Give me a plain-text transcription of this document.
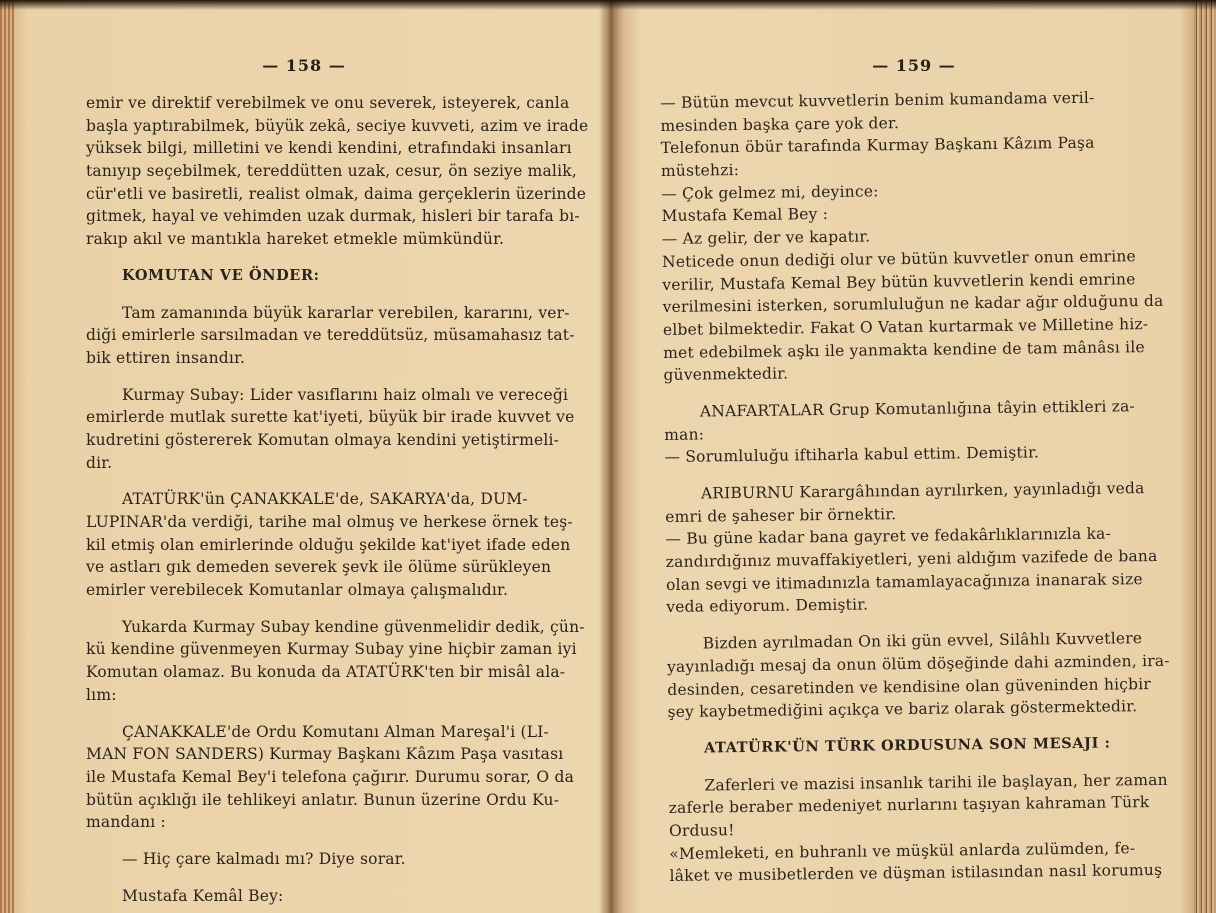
— 158 —
emir ve direktif verebilmek ve onu severek, isteyerek, canla
başla yaptırabilmek, büyük zekâ, seciye kuvveti, azim ve irade
yüksek bilgi, milletini ve kendi kendini, etrafındaki insanları
tanıyıp seçebilmek, tereddütten uzak, cesur, ön seziye malik,
cür'etli ve basiretli, realist olmak, daima gerçeklerin üzerinde
gitmek, hayal ve vehimden uzak durmak, hisleri bir tarafa bı-
rakıp akıl ve mantıkla hareket etmekle mümkündür.
KOMUTAN VE ÖNDER:
Tam zamanında büyük kararlar verebilen, kararını, ver-
diği emirlerle sarsılmadan ve tereddütsüz, müsamahasız tat-
bik ettiren insandır.
Kurmay Subay: Lider vasıflarını haiz olmalı ve vereceği
emirlerde mutlak surette kat'iyeti, büyük bir irade kuvvet ve
kudretini göstererek Komutan olmaya kendini yetiştirmeli-
dir.
ATATÜRK'ün ÇANAKKALE'de, SAKARYA'da, DUM-
LUPINAR'da verdiği, tarihe mal olmuş ve herkese örnek teş-
kil etmiş olan emirlerinde olduğu şekilde kat'iyet ifade eden
ve astları gık demeden severek şevk ile ölüme sürükleyen
emirler verebilecek Komutanlar olmaya çalışmalıdır.
Yukarda Kurmay Subay kendine güvenmelidir dedik, çün-
kü kendine güvenmeyen Kurmay Subay yine hiçbir zaman iyi
Komutan olamaz. Bu konuda da ATATÜRK'ten bir misâl ala-
lım:
ÇANAKKALE'de Ordu Komutanı Alman Mareşal'i (LI-
MAN FON SANDERS) Kurmay Başkanı Kâzım Paşa vasıtası
ile Mustafa Kemal Bey'i telefona çağırır. Durumu sorar, O da
bütün açıklığı ile tehlikeyi anlatır. Bunun üzerine Ordu Ku-
mandanı :
— Hiç çare kalmadı mı? Diye sorar.
Mustafa Kemâl Bey:
— 159 —
— Bütün mevcut kuvvetlerin benim kumandama veril-
mesinden başka çare yok der.
Telefonun öbür tarafında Kurmay Başkanı Kâzım Paşa
müstehzi:
— Çok gelmez mi, deyince:
Mustafa Kemal Bey :
— Az gelir, der ve kapatır.
Neticede onun dediği olur ve bütün kuvvetler onun emrine
verilir, Mustafa Kemal Bey bütün kuvvetlerin kendi emrine
verilmesini isterken, sorumluluğun ne kadar ağır olduğunu da
elbet bilmektedir. Fakat O Vatan kurtarmak ve Milletine hiz-
met edebilmek aşkı ile yanmakta kendine de tam mânâsı ile
güvenmektedir.
ANAFARTALAR Grup Komutanlığına tâyin ettikleri za-
man:
— Sorumluluğu iftiharla kabul ettim. Demiştir.
ARIBURNU Karargâhından ayrılırken, yayınladığı veda
emri de şaheser bir örnektir.
— Bu güne kadar bana gayret ve fedakârlıklarınızla ka-
zandırdığınız muvaffakiyetleri, yeni aldığım vazifede de bana
olan sevgi ve itimadınızla tamamlayacağınıza inanarak size
veda ediyorum. Demiştir.
Bizden ayrılmadan On iki gün evvel, Silâhlı Kuvvetlere
yayınladığı mesaj da onun ölüm döşeğinde dahi azminden, ira-
desinden, cesaretinden ve kendisine olan güveninden hiçbir
şey kaybetmediğini açıkça ve bariz olarak göstermektedir.
ATATÜRK'ÜN TÜRK ORDUSUNA SON MESAJI :
Zaferleri ve mazisi insanlık tarihi ile başlayan, her zaman
zaferle beraber medeniyet nurlarını taşıyan kahraman Türk
Ordusu!
«Memleketi, en buhranlı ve müşkül anlarda zulümden, fe-
lâket ve musibetlerden ve düşman istilasından nasıl korumuş
